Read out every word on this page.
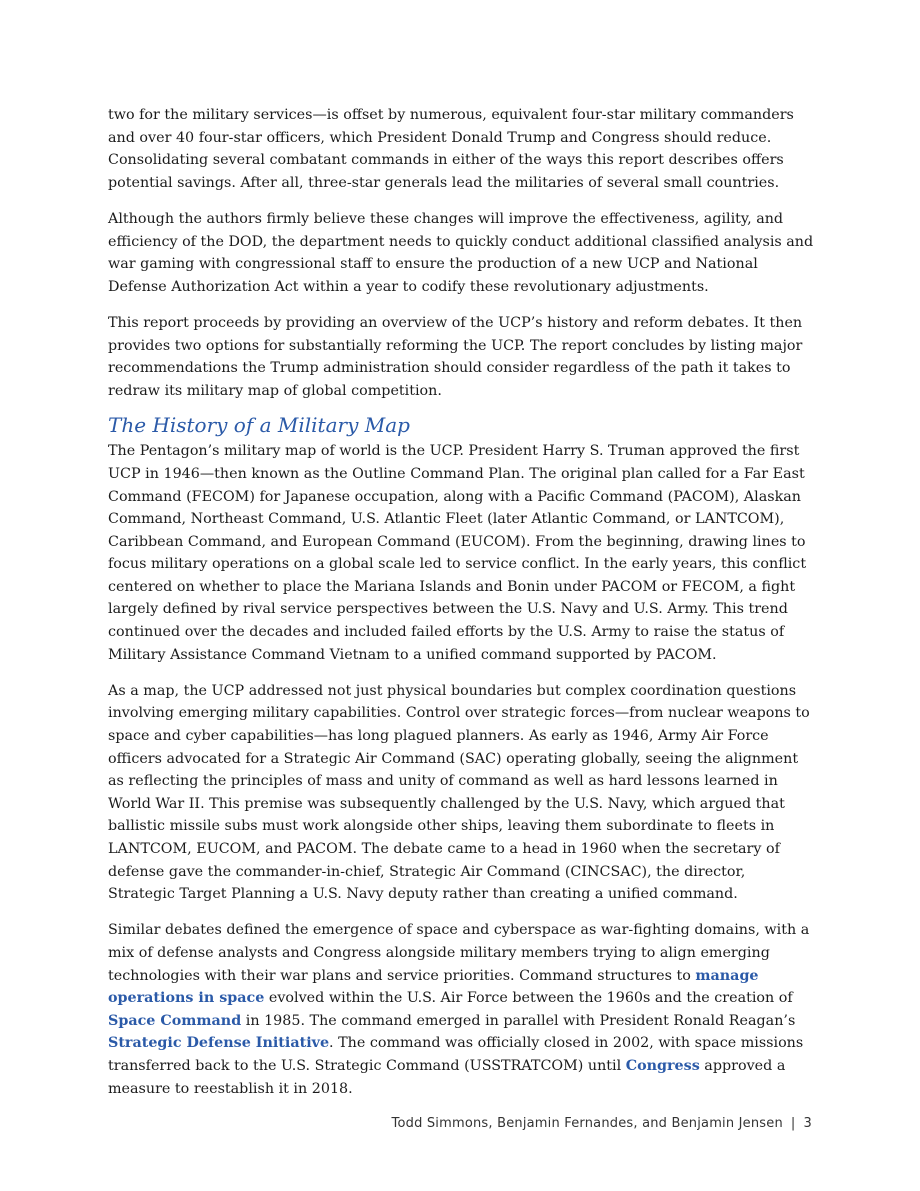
two for the military services—is offset by numerous, equivalent four-star military commanders and over 40 four-star officers, which President Donald Trump and Congress should reduce. Consolidating several combatant commands in either of the ways this report describes offers potential savings. After all, three-star generals lead the militaries of several small countries.

Although the authors firmly believe these changes will improve the effectiveness, agility, and efficiency of the DOD, the department needs to quickly conduct additional classified analysis and war gaming with congressional staff to ensure the production of a new UCP and National Defense Authorization Act within a year to codify these revolutionary adjustments.

This report proceeds by providing an overview of the UCP’s history and reform debates. It then provides two options for substantially reforming the UCP. The report concludes by listing major recommendations the Trump administration should consider regardless of the path it takes to redraw its military map of global competition.

The History of a Military Map

The Pentagon’s military map of world is the UCP. President Harry S. Truman approved the first UCP in 1946—then known as the Outline Command Plan. The original plan called for a Far East Command (FECOM) for Japanese occupation, along with a Pacific Command (PACOM), Alaskan Command, Northeast Command, U.S. Atlantic Fleet (later Atlantic Command, or LANTCOM), Caribbean Command, and European Command (EUCOM). From the beginning, drawing lines to focus military operations on a global scale led to service conflict. In the early years, this conflict centered on whether to place the Mariana Islands and Bonin under PACOM or FECOM, a fight largely defined by rival service perspectives between the U.S. Navy and U.S. Army. This trend continued over the decades and included failed efforts by the U.S. Army to raise the status of Military Assistance Command Vietnam to a unified command supported by PACOM.

As a map, the UCP addressed not just physical boundaries but complex coordination questions involving emerging military capabilities. Control over strategic forces—from nuclear weapons to space and cyber capabilities—has long plagued planners. As early as 1946, Army Air Force officers advocated for a Strategic Air Command (SAC) operating globally, seeing the alignment as reflecting the principles of mass and unity of command as well as hard lessons learned in World War II. This premise was subsequently challenged by the U.S. Navy, which argued that ballistic missile subs must work alongside other ships, leaving them subordinate to fleets in LANTCOM, EUCOM, and PACOM. The debate came to a head in 1960 when the secretary of defense gave the commander-in-chief, Strategic Air Command (CINCSAC), the director, Strategic Target Planning a U.S. Navy deputy rather than creating a unified command.

Similar debates defined the emergence of space and cyberspace as war-fighting domains, with a mix of defense analysts and Congress alongside military members trying to align emerging technologies with their war plans and service priorities. Command structures to manage operations in space evolved within the U.S. Air Force between the 1960s and the creation of Space Command in 1985. The command emerged in parallel with President Ronald Reagan’s Strategic Defense Initiative. The command was officially closed in 2002, with space missions transferred back to the U.S. Strategic Command (USSTRATCOM) until Congress approved a measure to reestablish it in 2018.

Todd Simmons, Benjamin Fernandes, and Benjamin Jensen | 3
